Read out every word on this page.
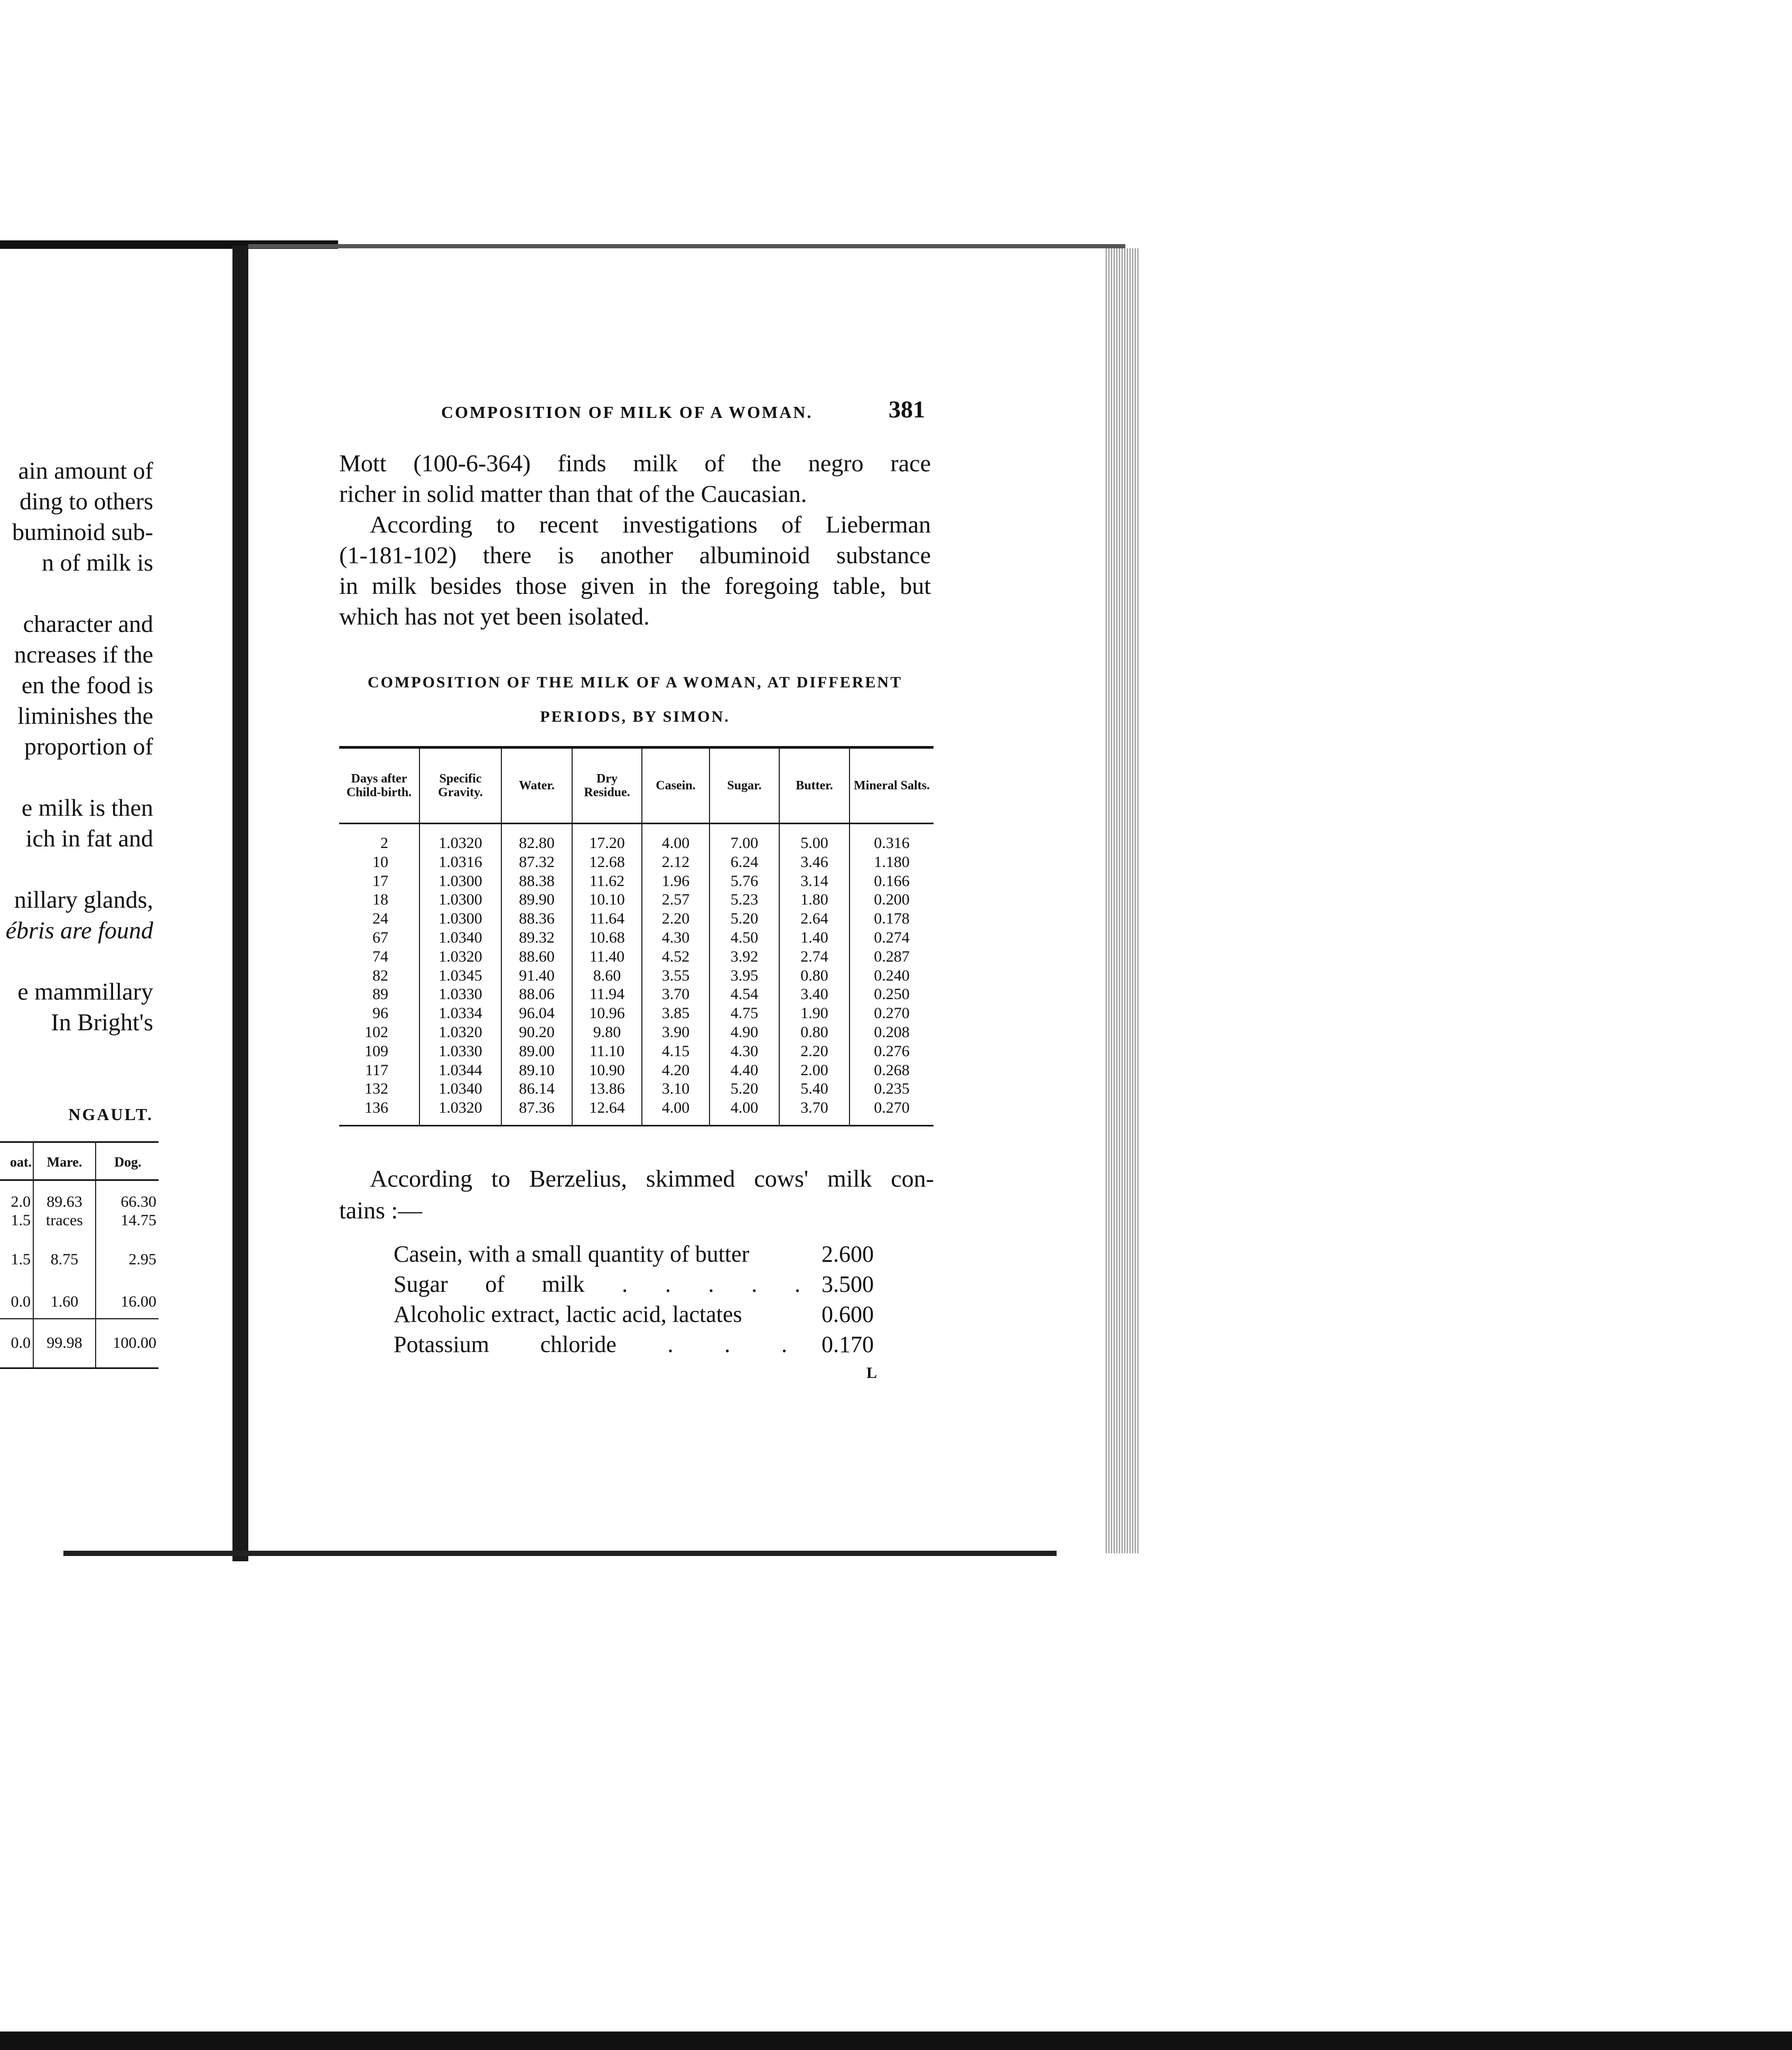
ain amount of
ding to others
buminoid sub-
n of milk is
character and
ncreases if the
en the food is
liminishes the
proportion of
e milk is then
ich in fat and
nillary glands,
ébris are found
e mammillary
In Bright's
NGAULT.
oat.	Mare.	Dog.
2.0	89.63	66.30
1.5 traces	14.75
1.5	8.75	2.95
0.0	1.60	16.00
0.0	99.98	100.00
COMPOSITION OF MILK OF A WOMAN.	381
Mott (100-6-364) finds milk of the negro race
richer in solid matter than that of the Caucasian.
According to recent investigations of Lieberman
(1-181-102) there is another albuminoid substance
in milk besides those given in the foregoing table, but
which has not yet been isolated.
COMPOSITION OF THE MILK OF A WOMAN, AT DIFFERENT
PERIODS, BY SIMON.
Days after Child-birth.	Specific Gravity.	Water.	Dry Residue.	Casein.	Sugar.	Butter.	Mineral Salts.
2	1.0320	82.80	17.20	4.00	7.00	5.00	0.316
10	1.0316	87.32	12.68	2.12	6.24	3.46	1.180
17	1.0300	88.38	11.62	1.96	5.76	3.14	0.166
18	1.0300	89.90	10.10	2.57	5.23	1.80	0.200
24	1.0300	88.36	11.64	2.20	5.20	2.64	0.178
67	1.0340	89.32	10.68	4.30	4.50	1.40	0.274
74	1.0320	88.60	11.40	4.52	3.92	2.74	0.287
82	1.0345	91.40	8.60	3.55	3.95	0.80	0.240
89	1.0330	88.06	11.94	3.70	4.54	3.40	0.250
96	1.0334	96.04	10.96	3.85	4.75	1.90	0.270
102	1.0320	90.20	9.80	3.90	4.90	0.80	0.208
109	1.0330	89.00	11.10	4.15	4.30	2.20	0.276
117	1.0344	89.10	10.90	4.20	4.40	2.00	0.268
132	1.0340	86.14	13.86	3.10	5.20	5.40	0.235
136	1.0320	87.36	12.64	4.00	4.00	3.70	0.270
According to Berzelius, skimmed cows' milk con-
tains :—
Casein, with a small quantity of butter	2.600
Sugar of milk . . . . . 3.500
Alcoholic extract, lactic acid, lactates	0.600
Potassium chloride . . . 0.170
L
